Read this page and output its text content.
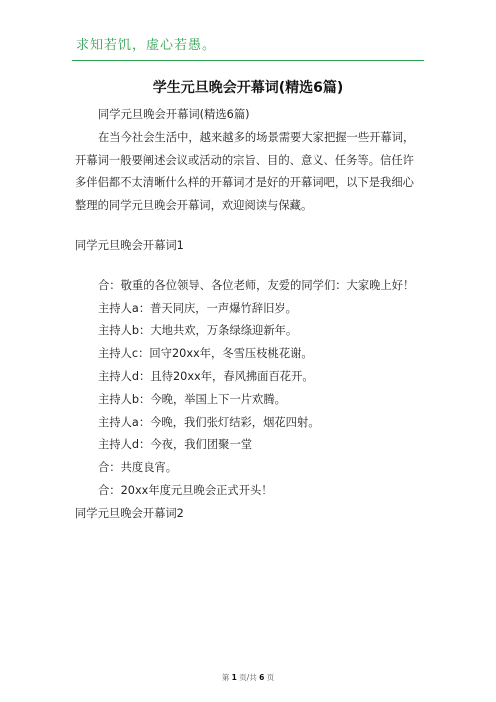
求知若饥，虚心若愚。
学生元旦晚会开幕词(精选6篇)

同学元旦晚会开幕词(精选6篇)

在当今社会生活中，越来越多的场景需要大家把握一些开幕词，开幕词一般要阐述会议或活动的宗旨、目的、意义、任务等。信任许多伴侣都不太清晰什么样的开幕词才是好的开幕词吧，以下是我细心整理的同学元旦晚会开幕词，欢迎阅读与保藏。

同学元旦晚会开幕词1

合：敬重的各位领导、各位老师，友爱的同学们：大家晚上好！

主持人a：普天同庆，一声爆竹辞旧岁。

主持人b：大地共欢，万条绿绦迎新年。

主持人c：回守20xx年，冬雪压枝桃花谢。

主持人d：且待20xx年，春风拂面百花开。

主持人b：今晚，举国上下一片欢腾。

主持人a：今晚，我们张灯结彩，烟花四射。

主持人d：今夜，我们团聚一堂

合：共度良宵。

合：20xx年度元旦晚会正式开头！

同学元旦晚会开幕词2

第 1 页/共 6 页
